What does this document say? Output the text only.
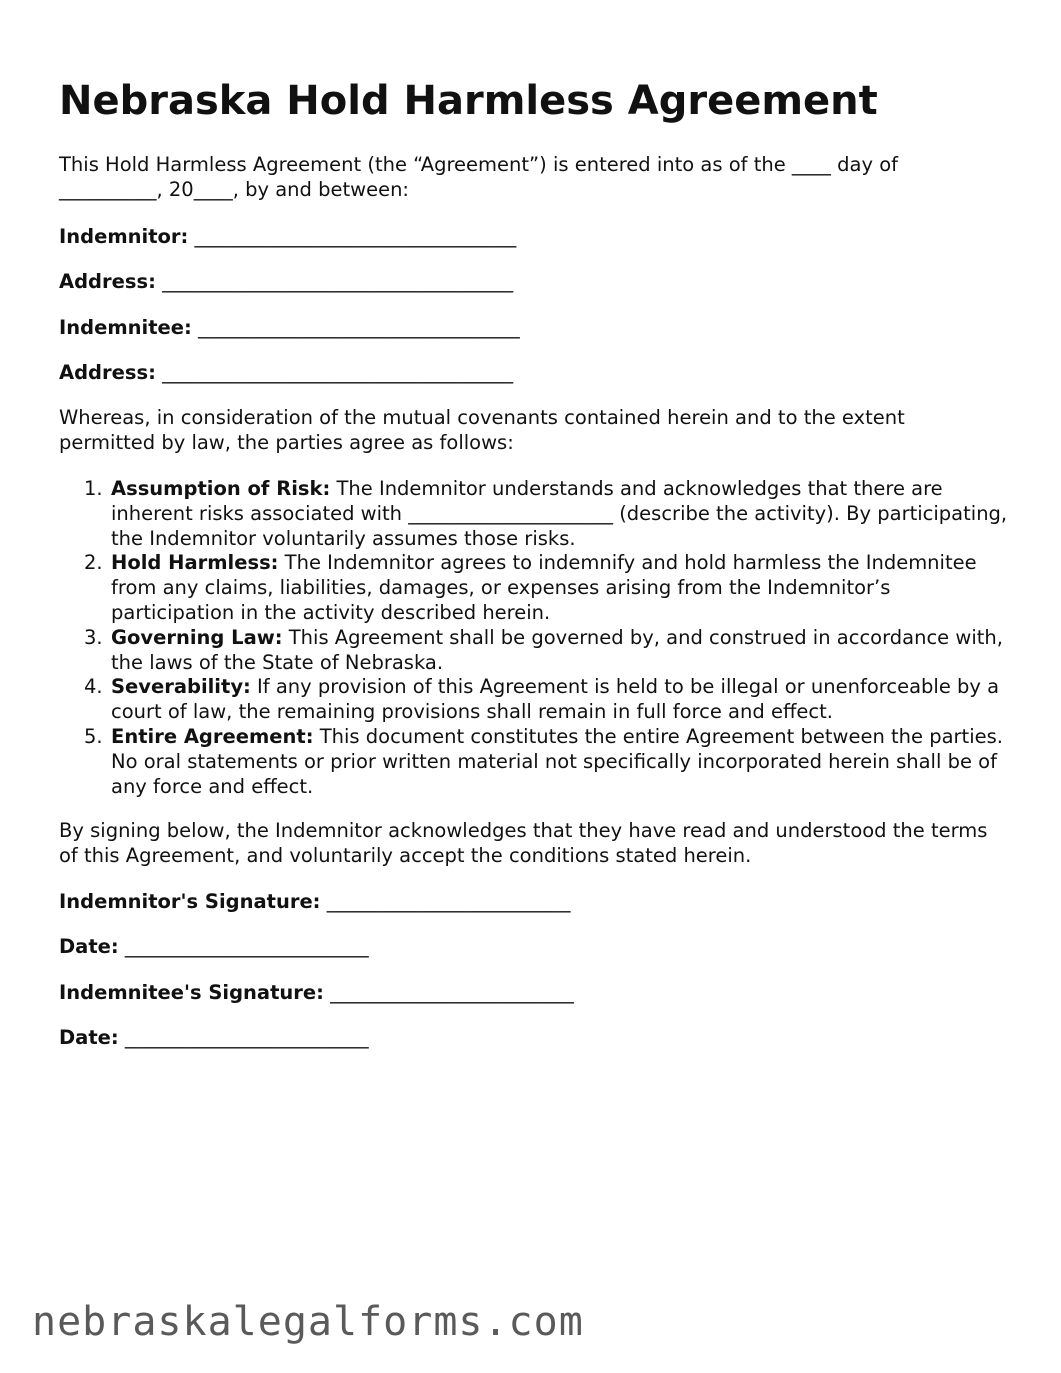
Nebraska Hold Harmless Agreement

This Hold Harmless Agreement (the “Agreement”) is entered into as of the ____ day of __________, 20____, by and between:

Indemnitor: _________________________________

Address: ____________________________________

Indemnitee: _________________________________

Address: ____________________________________

Whereas, in consideration of the mutual covenants contained herein and to the extent permitted by law, the parties agree as follows:

1. Assumption of Risk: The Indemnitor understands and acknowledges that there are inherent risks associated with _____________________ (describe the activity). By participating, the Indemnitor voluntarily assumes those risks.
2. Hold Harmless: The Indemnitor agrees to indemnify and hold harmless the Indemnitee from any claims, liabilities, damages, or expenses arising from the Indemnitor’s participation in the activity described herein.
3. Governing Law: This Agreement shall be governed by, and construed in accordance with, the laws of the State of Nebraska.
4. Severability: If any provision of this Agreement is held to be illegal or unenforceable by a court of law, the remaining provisions shall remain in full force and effect.
5. Entire Agreement: This document constitutes the entire Agreement between the parties. No oral statements or prior written material not specifically incorporated herein shall be of any force and effect.

By signing below, the Indemnitor acknowledges that they have read and understood the terms of this Agreement, and voluntarily accept the conditions stated herein.

Indemnitor's Signature: _________________________

Date: _________________________

Indemnitee's Signature: _________________________

Date: _________________________

nebraskalegalforms.com
